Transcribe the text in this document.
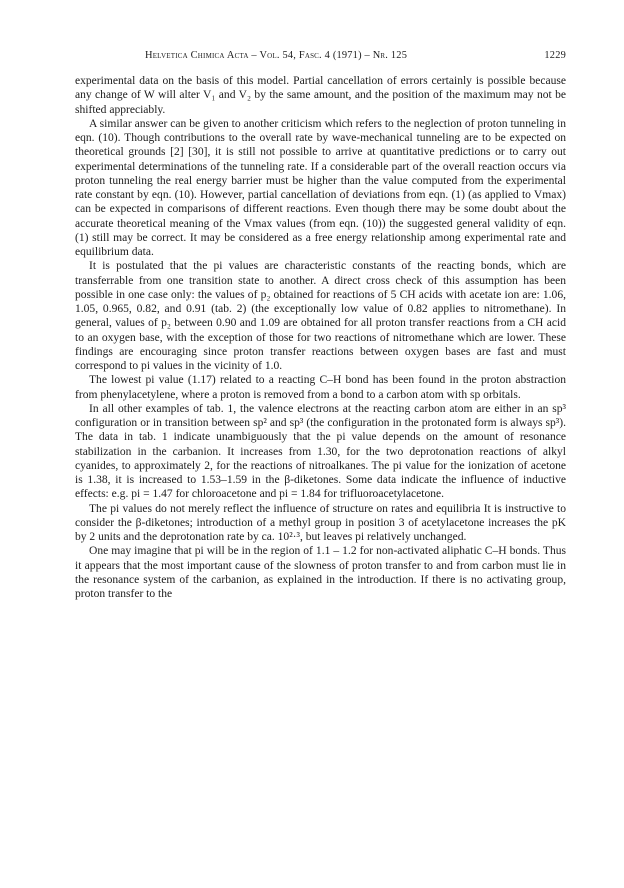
Helvetica Chimica Acta – Vol. 54, Fasc. 4 (1971) – Nr. 125	1229

experimental data on the basis of this model. Partial cancellation of errors certainly is possible because any change of W will alter V₁ and V₂ by the same amount, and the position of the maximum may not be shifted appreciably.

A similar answer can be given to another criticism which refers to the neglection of proton tunneling in eqn. (10). Though contributions to the overall rate by wave-mechanical tunneling are to be expected on theoretical grounds [2] [30], it is still not possible to arrive at quantitative predictions or to carry out experimental determinations of the tunneling rate. If a considerable part of the overall reaction occurs via proton tunneling the real energy barrier must be higher than the value computed from the experimental rate constant by eqn. (10). However, partial cancellation of deviations from eqn. (1) (as applied to Vmax) can be expected in comparisons of different reactions. Even though there may be some doubt about the accurate theoretical meaning of the Vmax values (from eqn. (10)) the suggested general validity of eqn. (1) still may be correct. It may be considered as a free energy relationship among experimental rate and equilibrium data.

It is postulated that the pi values are characteristic constants of the reacting bonds, which are transferrable from one transition state to another. A direct cross check of this assumption has been possible in one case only: the values of p₂ obtained for reactions of 5 CH acids with acetate ion are: 1.06, 1.05, 0.965, 0.82, and 0.91 (tab. 2) (the exceptionally low value of 0.82 applies to nitromethane). In general, values of p₂ between 0.90 and 1.09 are obtained for all proton transfer reactions from a CH acid to an oxygen base, with the exception of those for two reactions of nitromethane which are lower. These findings are encouraging since proton transfer reactions between oxygen bases are fast and must correspond to pi values in the vicinity of 1.0.

The lowest pi value (1.17) related to a reacting C–H bond has been found in the proton abstraction from phenylacetylene, where a proton is removed from a bond to a carbon atom with sp orbitals.

In all other examples of tab. 1, the valence electrons at the reacting carbon atom are either in an sp³ configuration or in transition between sp² and sp³ (the configuration in the protonated form is always sp³). The data in tab. 1 indicate unambiguously that the pi value depends on the amount of resonance stabilization in the carbanion. It increases from 1.30, for the two deprotonation reactions of alkyl cyanides, to approximately 2, for the reactions of nitroalkanes. The pi value for the ionization of acetone is 1.38, it is increased to 1.53–1.59 in the β-diketones. Some data indicate the influence of inductive effects: e.g. pi = 1.47 for chloroacetone and pi = 1.84 for trifluoroacetylacetone.

The pi values do not merely reflect the influence of structure on rates and equilibria It is instructive to consider the β-diketones; introduction of a methyl group in position 3 of acetylacetone increases the pK by 2 units and the deprotonation rate by ca. 10²·³, but leaves pi relatively unchanged.

One may imagine that pi will be in the region of 1.1 – 1.2 for non-activated aliphatic C–H bonds. Thus it appears that the most important cause of the slowness of proton transfer to and from carbon must lie in the resonance system of the carbanion, as explained in the introduction. If there is no activating group, proton transfer to the
